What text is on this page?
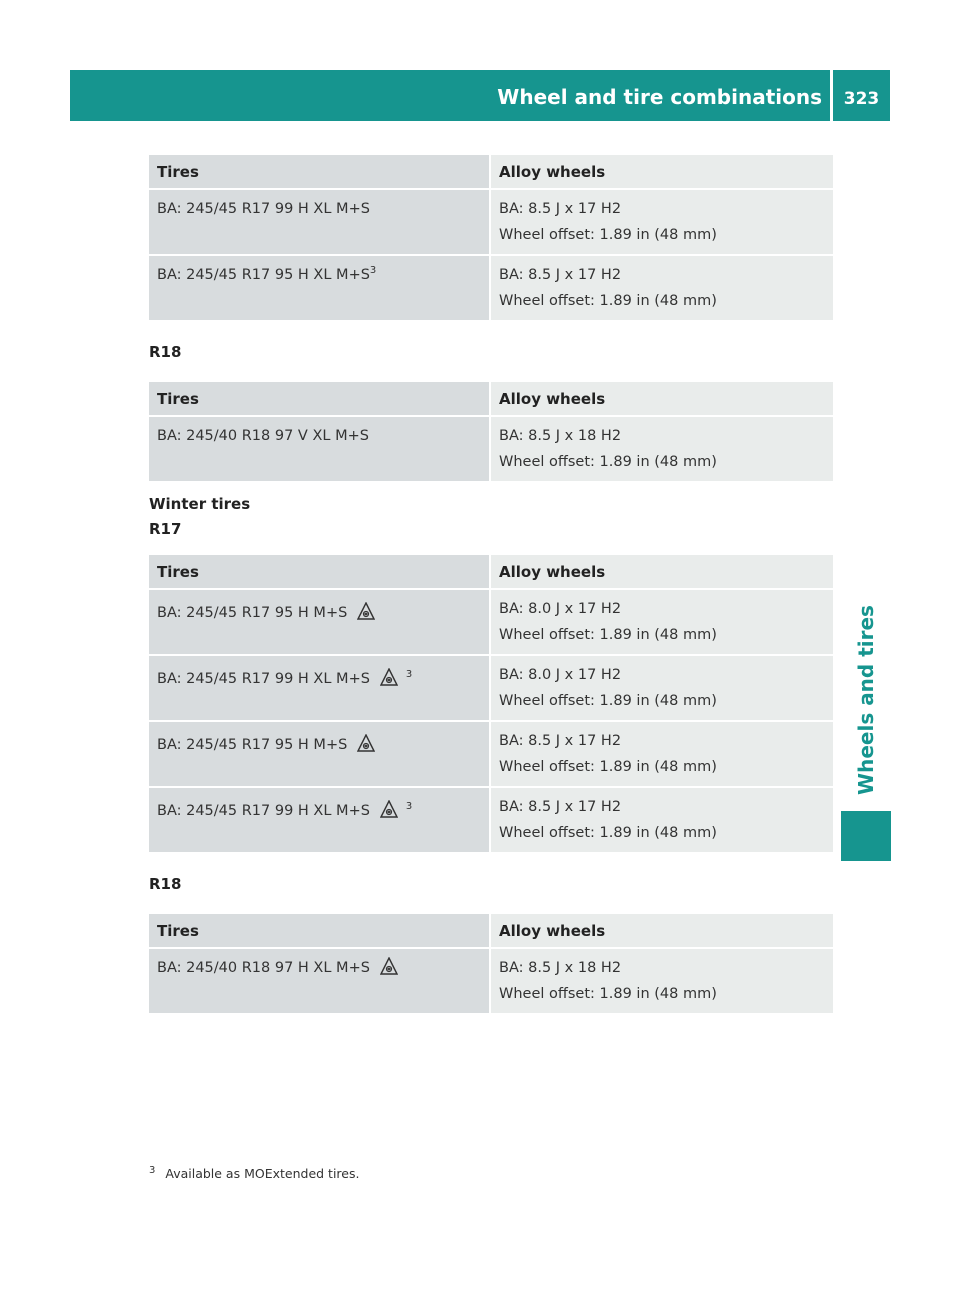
Wheel and tire combinations	323
Wheels and tires
Tires	Alloy wheels
BA: 245/45 R17 99 H XL M+S	BA: 8.5 J x 17 H2
Wheel offset: 1.89 in (48 mm)

BA: 245/45 R17 95 H XL $M+S^3$	BA: 8.5 J x 17 H2
Wheel offset: 1.89 in (48 mm)
R18
Tires	Alloy wheels
BA: 245/40 R18 97 V XL M+S	BA: 8.5 J x 18 H2
Wheel offset: 1.89 in (48 mm)
Winter tires
R17
Tires	Alloy wheels
BA: 245/45 R17 95 H M+S	BA: 8.0 J x 17 H2
Wheel offset: 1.89 in (48 mm)

BA: 245/45 R17 99 H XL M+S $^3$	BA: 8.0 J x 17 H2
Wheel offset: 1.89 in (48 mm)

BA: 245/45 R17 95 H M+S	BA: 8.5 J x 17 H2
Wheel offset: 1.89 in (48 mm)

BA: 245/45 R17 99 H XL M+S $^3$	BA: 8.5 J x 17 H2
Wheel offset: 1.89 in (48 mm)
R18
Tires	Alloy wheels
BA: 245/40 R18 97 H XL M+S	BA: 8.5 J x 18 H2
Wheel offset: 1.89 in (48 mm)
$^3$ Available as MOExtended tires.
